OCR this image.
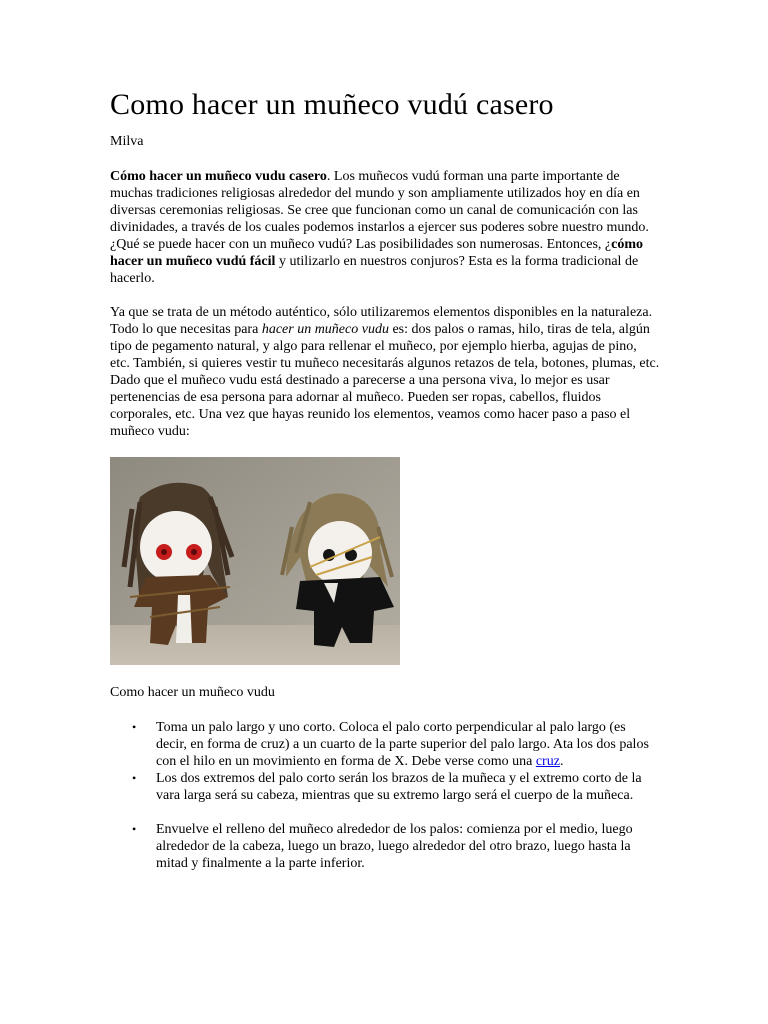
Como hacer un muñeco vudú casero
Milva

Cómo hacer un muñeco vudu casero. Los muñecos vudú forman una parte importante de muchas tradiciones religiosas alrededor del mundo y son ampliamente utilizados hoy en día en diversas ceremonias religiosas. Se cree que funcionan como un canal de comunicación con las divinidades, a través de los cuales podemos instarlos a ejercer sus poderes sobre nuestro mundo. ¿Qué se puede hacer con un muñeco vudú? Las posibilidades son numerosas. Entonces, ¿cómo hacer un muñeco vudú fácil y utilizarlo en nuestros conjuros? Esta es la forma tradicional de hacerlo.

Ya que se trata de un método auténtico, sólo utilizaremos elementos disponibles en la naturaleza. Todo lo que necesitas para hacer un muñeco vudu es: dos palos o ramas, hilo, tiras de tela, algún tipo de pegamento natural, y algo para rellenar el muñeco, por ejemplo hierba, agujas de pino, etc. También, si quieres vestir tu muñeco necesitarás algunos retazos de tela, botones, plumas, etc. Dado que el muñeco vudu está destinado a parecerse a una persona viva, lo mejor es usar pertenencias de esa persona para adornar al muñeco. Pueden ser ropas, cabellos, fluidos corporales, etc. Una vez que hayas reunido los elementos, veamos como hacer paso a paso el muñeco vudu:

Como hacer un muñeco vudu
• Toma un palo largo y uno corto. Coloca el palo corto perpendicular al palo largo (es decir, en forma de cruz) a un cuarto de la parte superior del palo largo. Ata los dos palos con el hilo en un movimiento en forma de X. Debe verse como una cruz.
• Los dos extremos del palo corto serán los brazos de la muñeca y el extremo corto de la vara larga será su cabeza, mientras que su extremo largo será el cuerpo de la muñeca.
• Envuelve el relleno del muñeco alrededor de los palos: comienza por el medio, luego alrededor de la cabeza, luego un brazo, luego alrededor del otro brazo, luego hasta la mitad y finalmente a la parte inferior.
